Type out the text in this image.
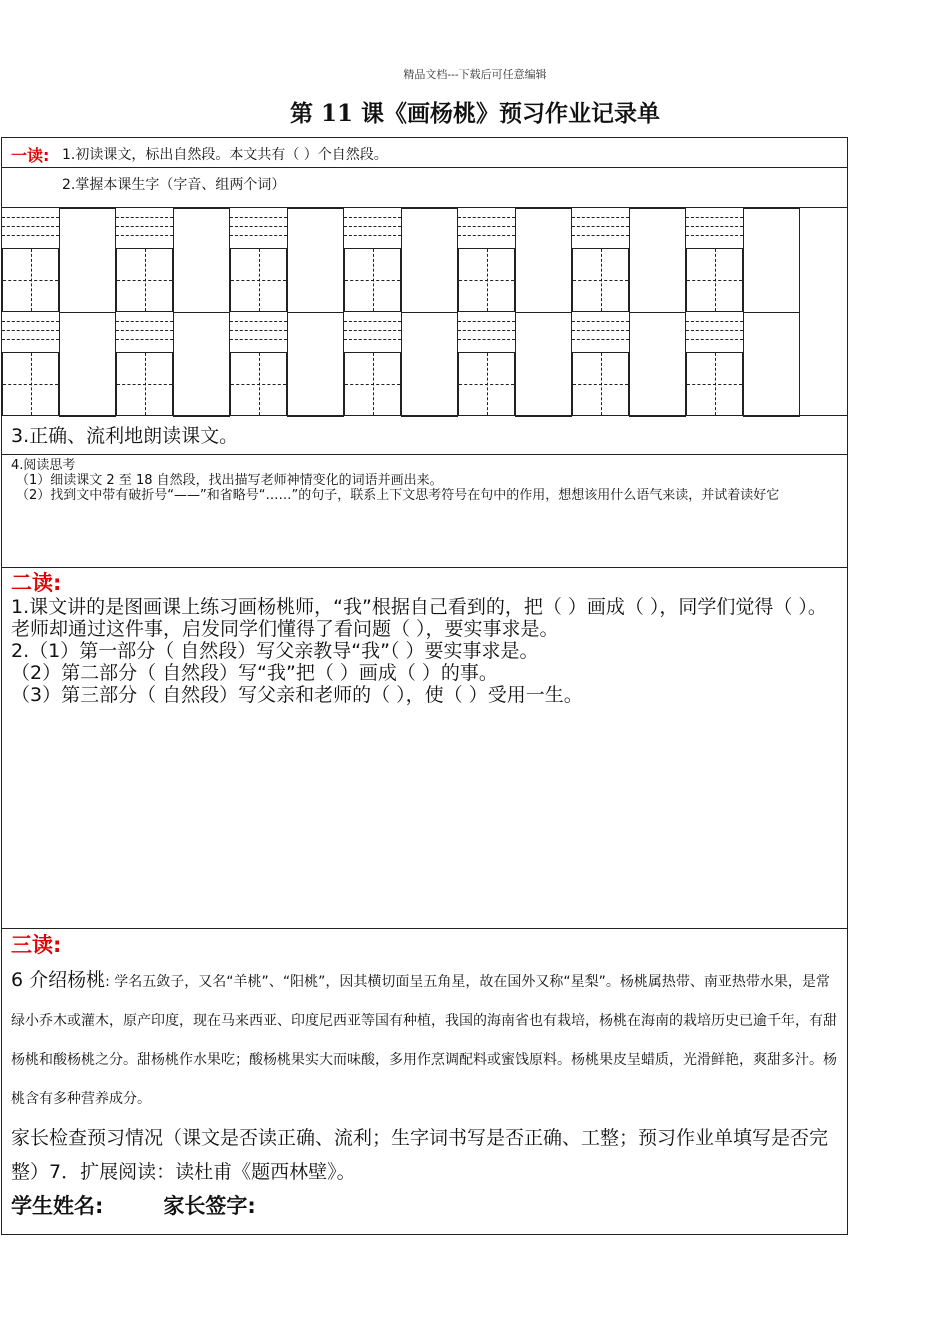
精品文档---下载后可任意编辑
第 11 课《画杨桃》预习作业记录单
一读: 1.初读课文，标出自然段。本文共有（ ）个自然段。
2.掌握本课生字（字音、组两个词）
3.正确、流利地朗读课文。

4.阅读思考

（1）细读课文 2 至 18 自然段，找出描写老师神情变化的词语并画出来。

（2）找到文中带有破折号“——”和省略号“……”的句子，联系上下文思考符号在句中的作用，想想该用什么语气来读，并试着读好它

二读:

1.课文讲的是图画课上练习画杨桃师，“我”根据自己看到的，把（ ）画成（ ），同学们觉得（ ）。老师却通过这件事，启发同学们懂得了看问题（ ），要实事求是。

2.（1）第一部分（ 自然段）写父亲教导“我”（ ）要实事求是。

（2）第二部分（ 自然段）写“我”把（ ）画成（ ）的事。

（3）第三部分（ 自然段）写父亲和老师的（ ），使（ ）受用一生。

三读:

6 介绍杨桃: 学名五敛子，又名“羊桃”、“阳桃”，因其横切面呈五角星，故在国外又称“星梨”。杨桃属热带、南亚热带水果，是常绿小乔木或灌木，原产印度，现在马来西亚、印度尼西亚等国有种植，我国的海南省也有栽培，杨桃在海南的栽培历史已逾千年，有甜杨桃和酸杨桃之分。甜杨桃作水果吃；酸杨桃果实大而味酸，多用作烹调配料或蜜饯原料。杨桃果皮呈蜡质，光滑鲜艳，爽甜多汁。杨桃含有多种营养成分。

家长检查预习情况（课文是否读正确、流利；生字词书写是否正确、工整；预习作业单填写是否完整）7．扩展阅读：读杜甫《题西林壁》。

学生姓名:	家长签字:
